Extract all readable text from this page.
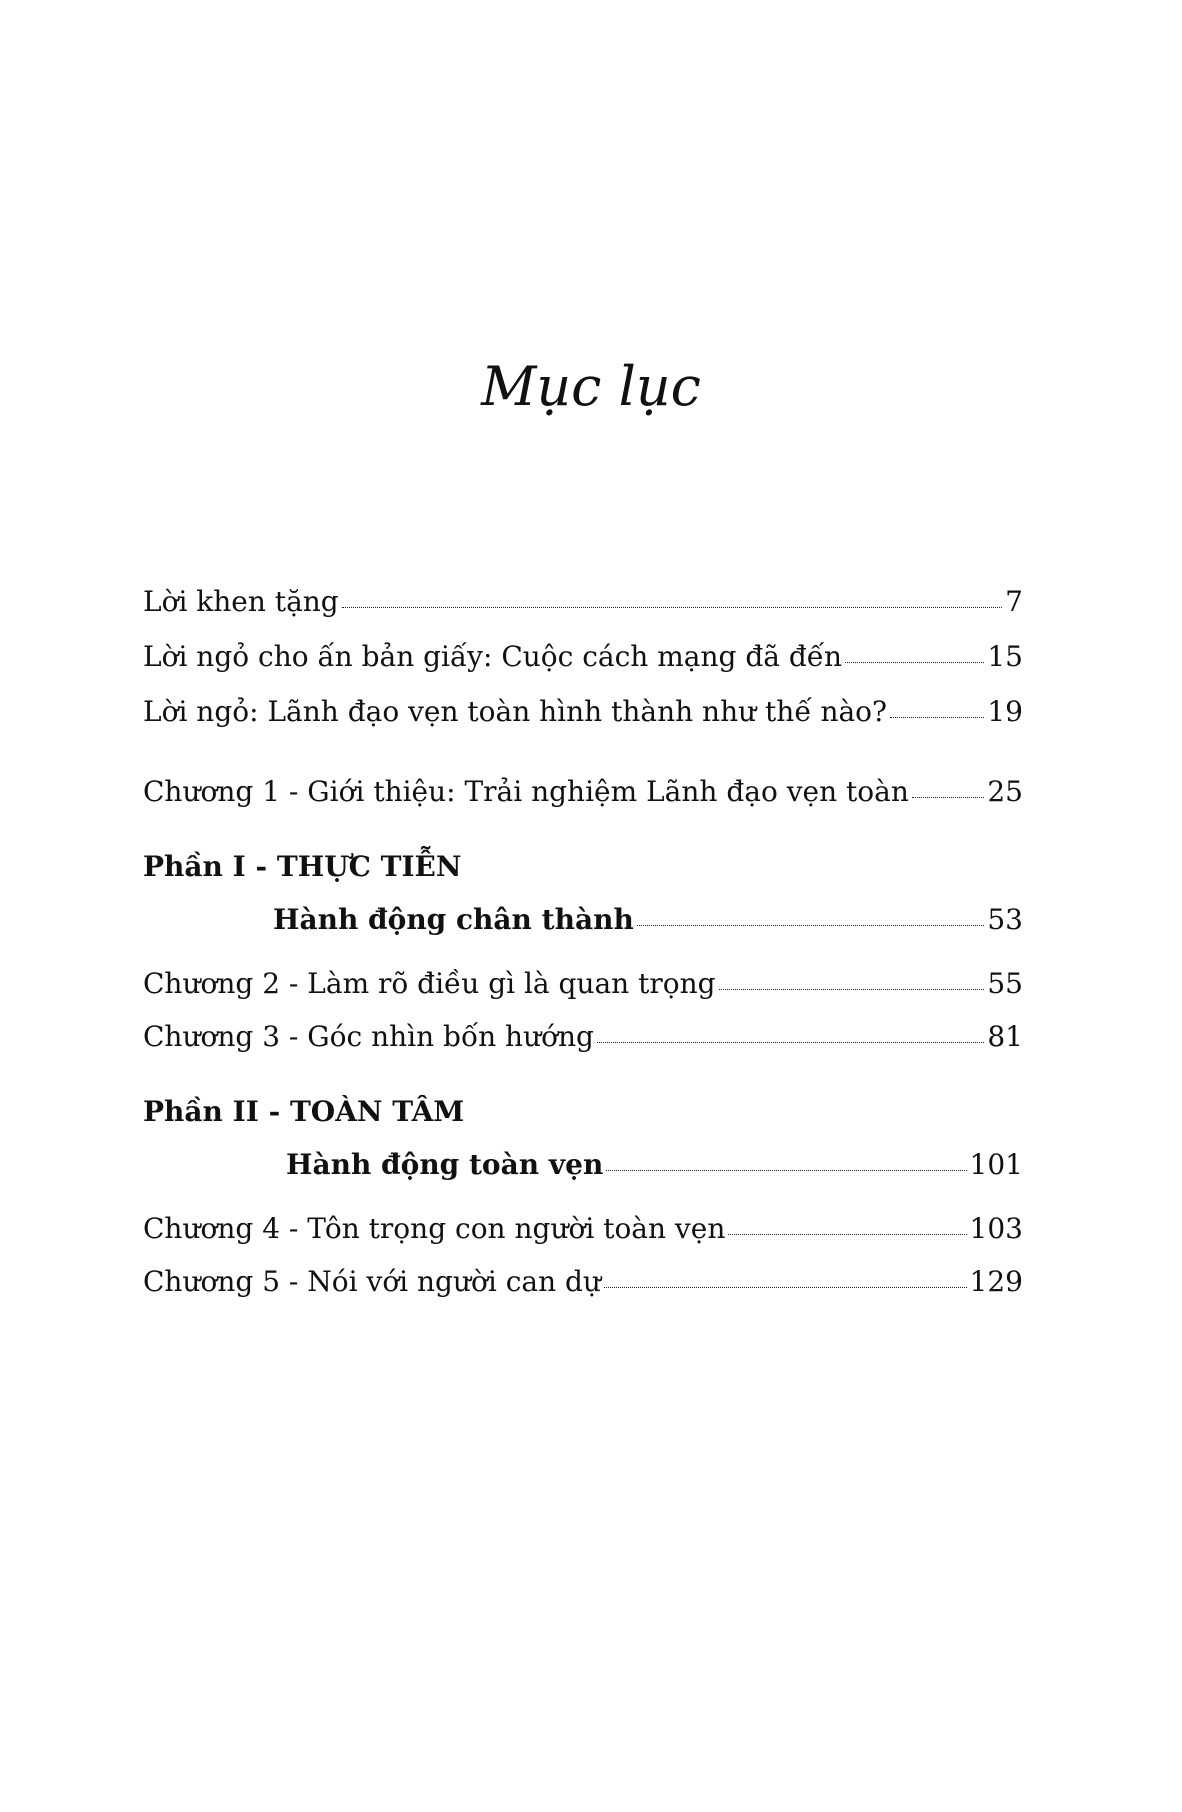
Mục lục
Lời khen tặng	7
Lời ngỏ cho ấn bản giấy: Cuộc cách mạng đã đến	15
Lời ngỏ: Lãnh đạo vẹn toàn hình thành như thế nào?	19
Chương 1 - Giới thiệu: Trải nghiệm Lãnh đạo vẹn toàn	25
Phần I - THỰC TIỄN
Hành động chân thành	53
Chương 2 - Làm rõ điều gì là quan trọng	55
Chương 3 - Góc nhìn bốn hướng	81
Phần II - TOÀN TÂM
Hành động toàn vẹn	101
Chương 4 - Tôn trọng con người toàn vẹn	103
Chương 5 - Nói với người can dự	129
